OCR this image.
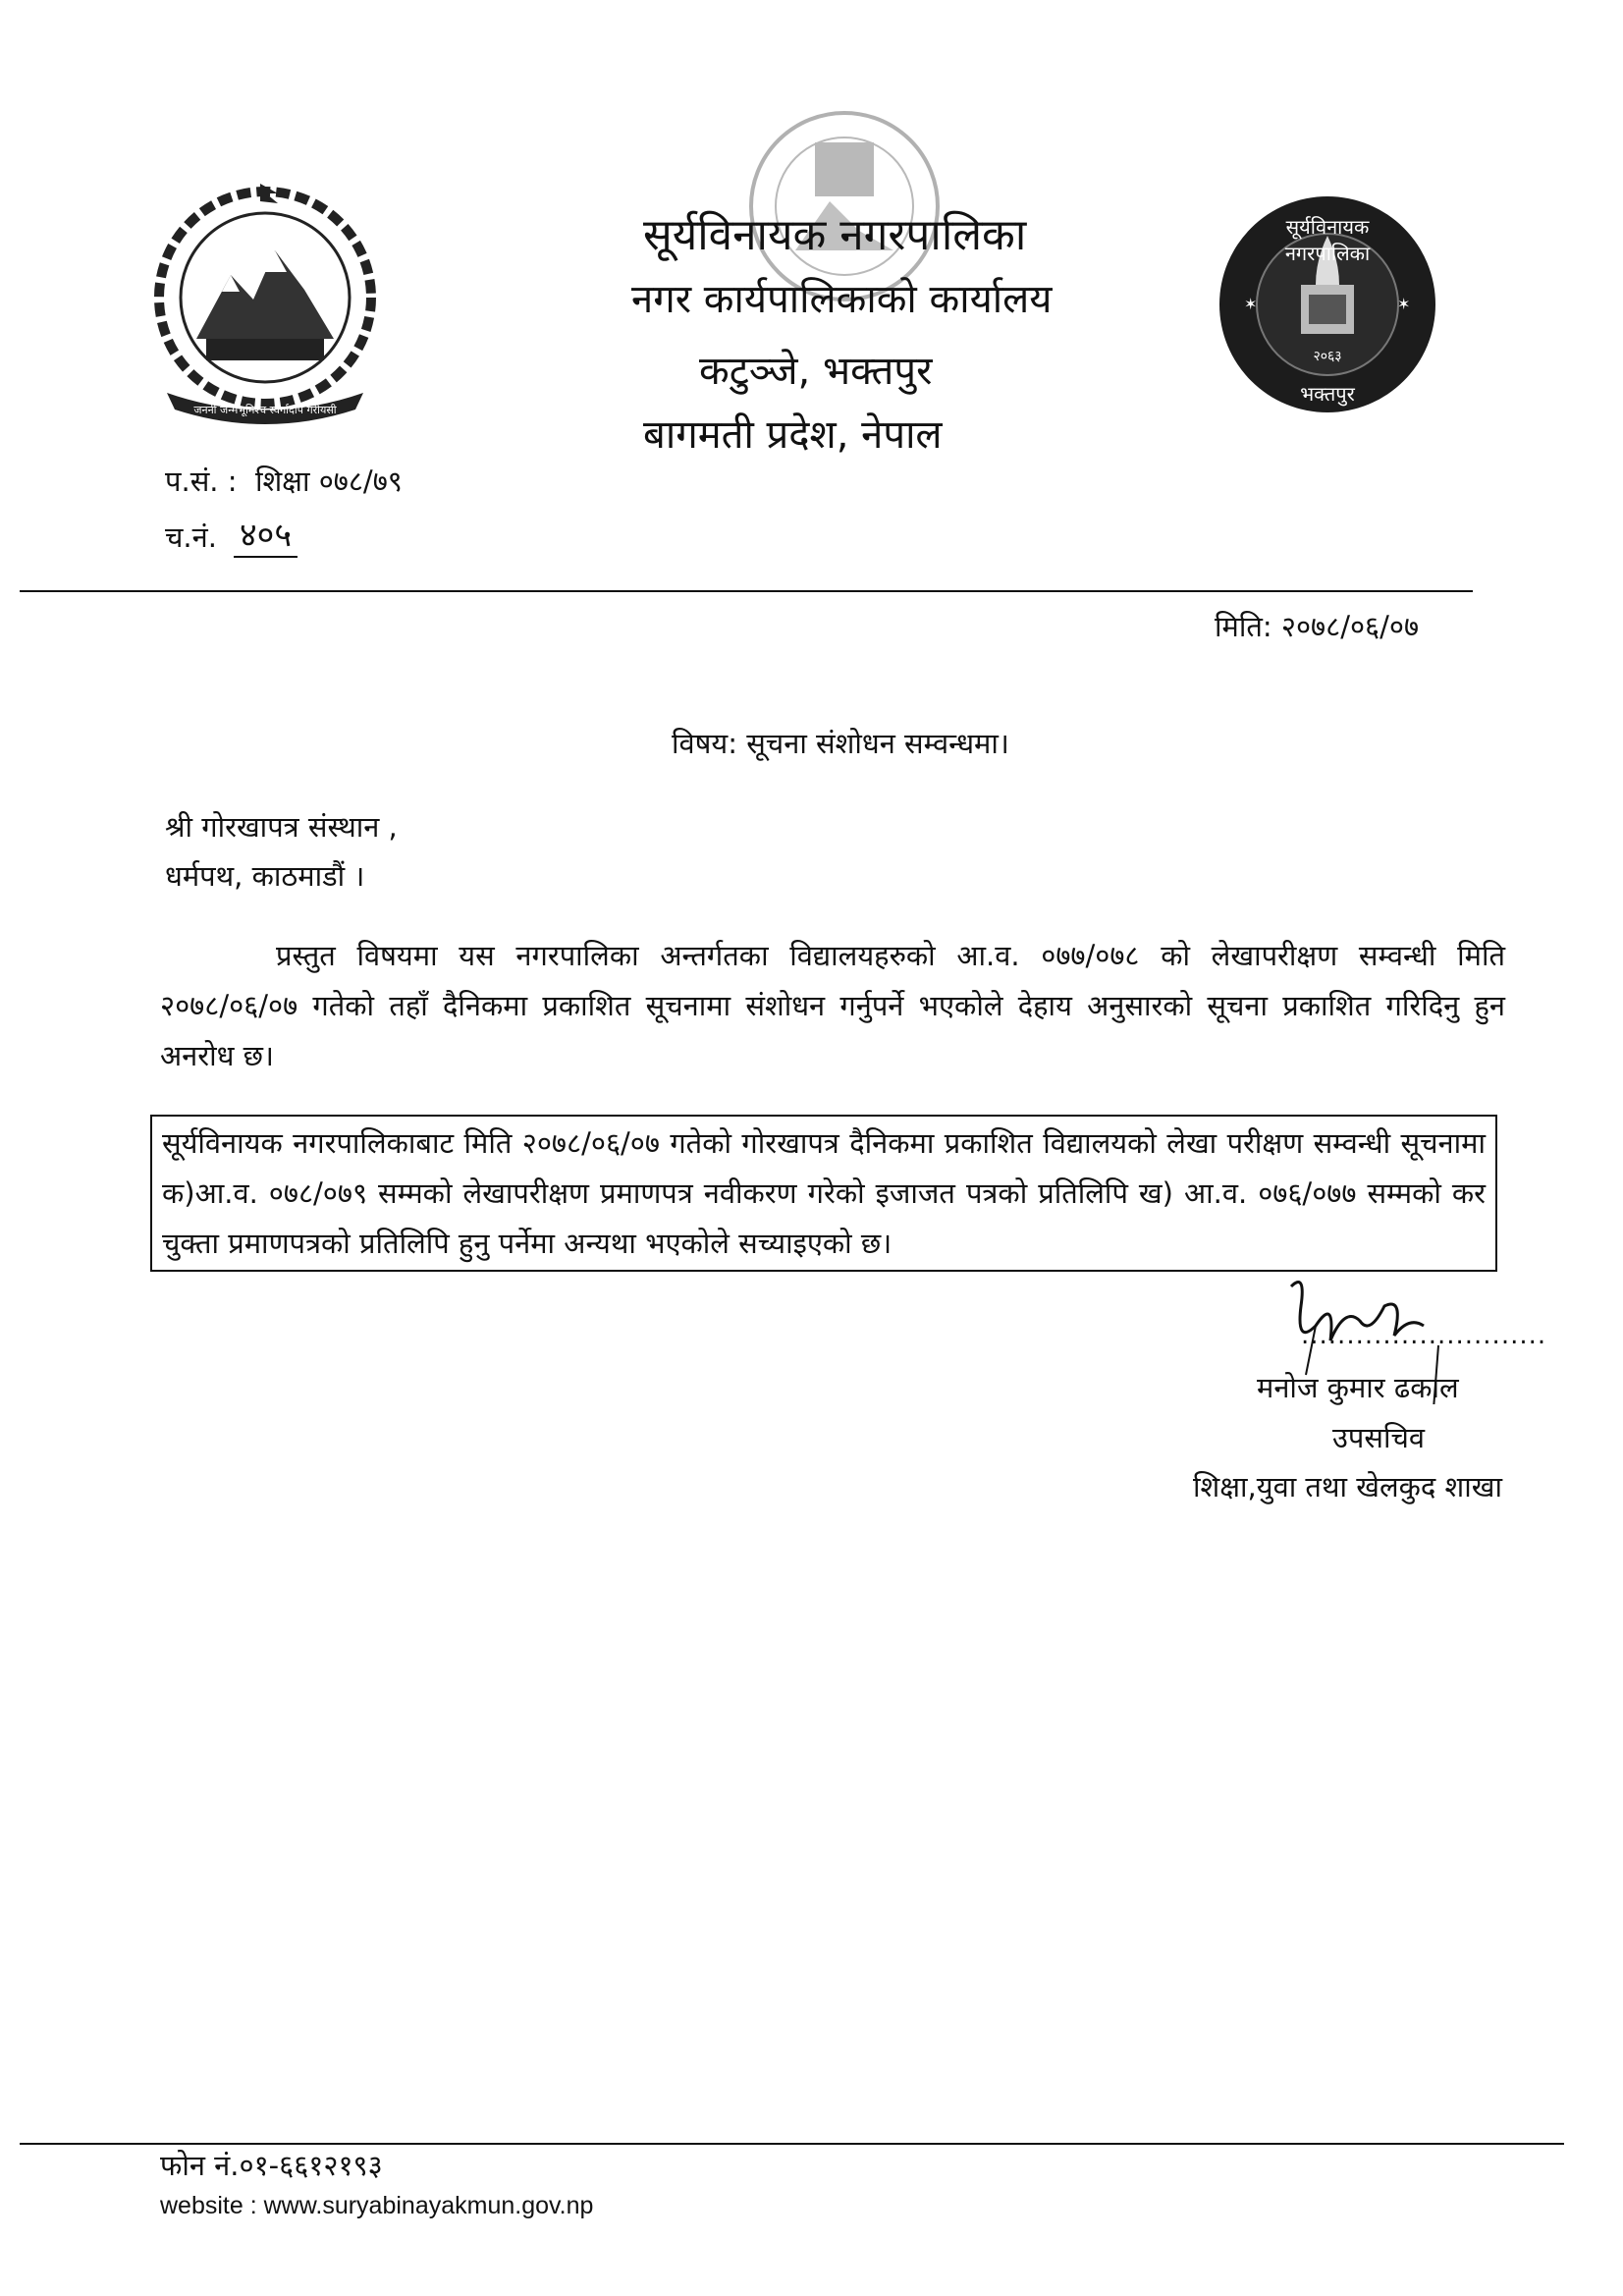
जननी जन्मभूमिश्च स्वर्गादपि गरीयसी
सूर्यविनायक नगरपालिका
नगर कार्यपालिकाको कार्यालय
कटुञ्जे, भक्तपुर
बागमती प्रदेश, नेपाल
✶	✶
सूर्यविनायक नगरपालिका
२०६३
भक्तपुर
प.सं. :  शिक्षा ०७८/७९
च.नं. ४०५
मिति: २०७८/०६/०७
विषय: सूचना संशोधन सम्वन्धमा।
श्री गोरखापत्र संस्थान ,
धर्मपथ, काठमाडौं ।
प्रस्तुत विषयमा यस नगरपालिका अन्तर्गतका विद्यालयहरुको आ.व. ०७७/०७८ को लेखापरीक्षण सम्वन्धी मिति २०७८/०६/०७ गतेको तहाँ दैनिकमा प्रकाशित सूचनामा संशोधन गर्नुपर्ने भएकोले देहाय अनुसारको सूचना प्रकाशित गरिदिनु हुन अनरोध छ।
सूर्यविनायक नगरपालिकाबाट मिति २०७८/०६/०७ गतेको गोरखापत्र दैनिकमा प्रकाशित विद्यालयको लेखा परीक्षण सम्वन्धी सूचनामा क)आ.व. ०७८/०७९ सम्मको लेखापरीक्षण प्रमाणपत्र नवीकरण गरेको इजाजत पत्रको प्रतिलिपि ख) आ.व. ०७६/०७७ सम्मको कर चुक्ता प्रमाणपत्रको प्रतिलिपि हुनु पर्नेमा अन्यथा भएकोले सच्याइएको छ।
...........................
मनोज कुमार ढकाल
उपसचिव
शिक्षा,युवा तथा खेलकुद शाखा
फोन नं.०१-६६१२१९३
website : www.suryabinayakmun.gov.np
